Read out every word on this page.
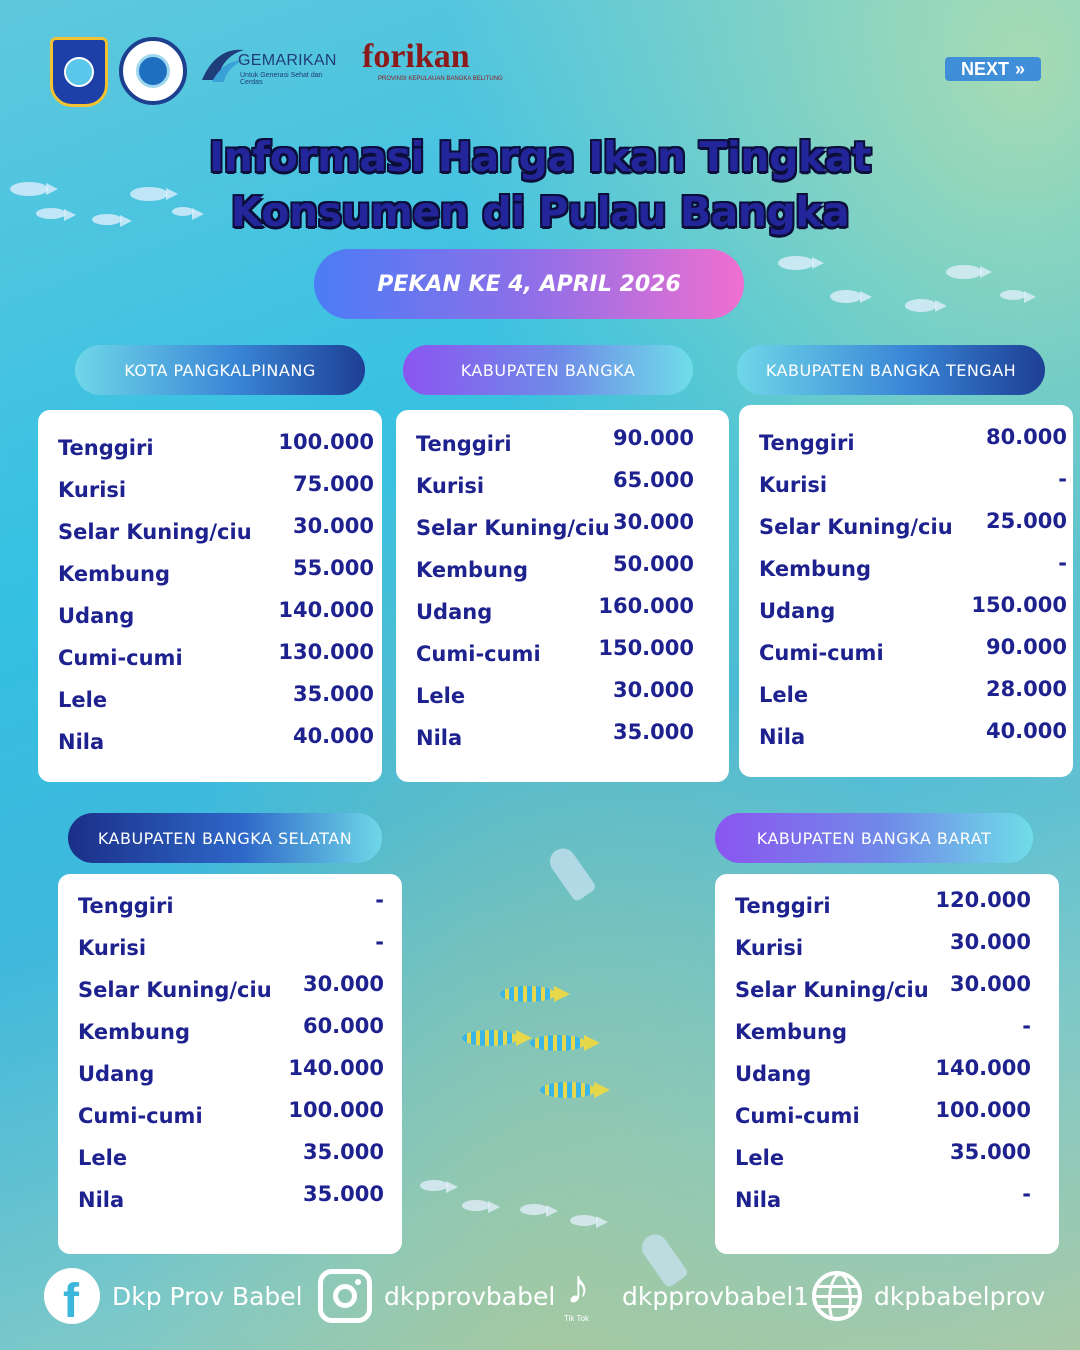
GEMARIKAN
Untuk Generasi Sehat dan Cerdas
forikan
PROVINSI KEPULAUAN BANGKA BELITUNG
NEXT »
Informasi Harga Ikan Tingkat
Konsumen di Pulau Bangka
PEKAN KE 4, APRIL 2026
KOTA PANGKALPINANG	KABUPATEN BANGKA	KABUPATEN BANGKA TENGAH
KABUPATEN BANGKA SELATAN	KABUPATEN BANGKA BARAT
Tenggiri	100.000
Kurisi	75.000
Selar Kuning/ciu 30.000
Kembung	55.000
Udang	140.000
Cumi-cumi	130.000
Lele	35.000
Nila	40.000
Tenggiri	90.000
Kurisi	65.000
Selar Kuning/ciu 30.000
Kembung	50.000
Udang	160.000
Cumi-cumi	150.000
Lele	30.000
Nila	35.000
Tenggiri	80.000
Kurisi	-
Selar Kuning/ciu 25.000
Kembung	-
Udang	150.000
Cumi-cumi	90.000
Lele	28.000
Nila	40.000
Tenggiri	-
Kurisi	-
Selar Kuning/ciu 30.000
Kembung	60.000
Udang	140.000
Cumi-cumi	100.000
Lele	35.000
Nila	35.000
Tenggiri	120.000
Kurisi	30.000
Selar Kuning/ciu 30.000
Kembung	-
Udang	140.000
Cumi-cumi	100.000
Lele	35.000
Nila	-
f Dkp Prov Babel	dkpprovbabel ♪
Tik Tok
dkpprovbabel1	dkpbabelprov
